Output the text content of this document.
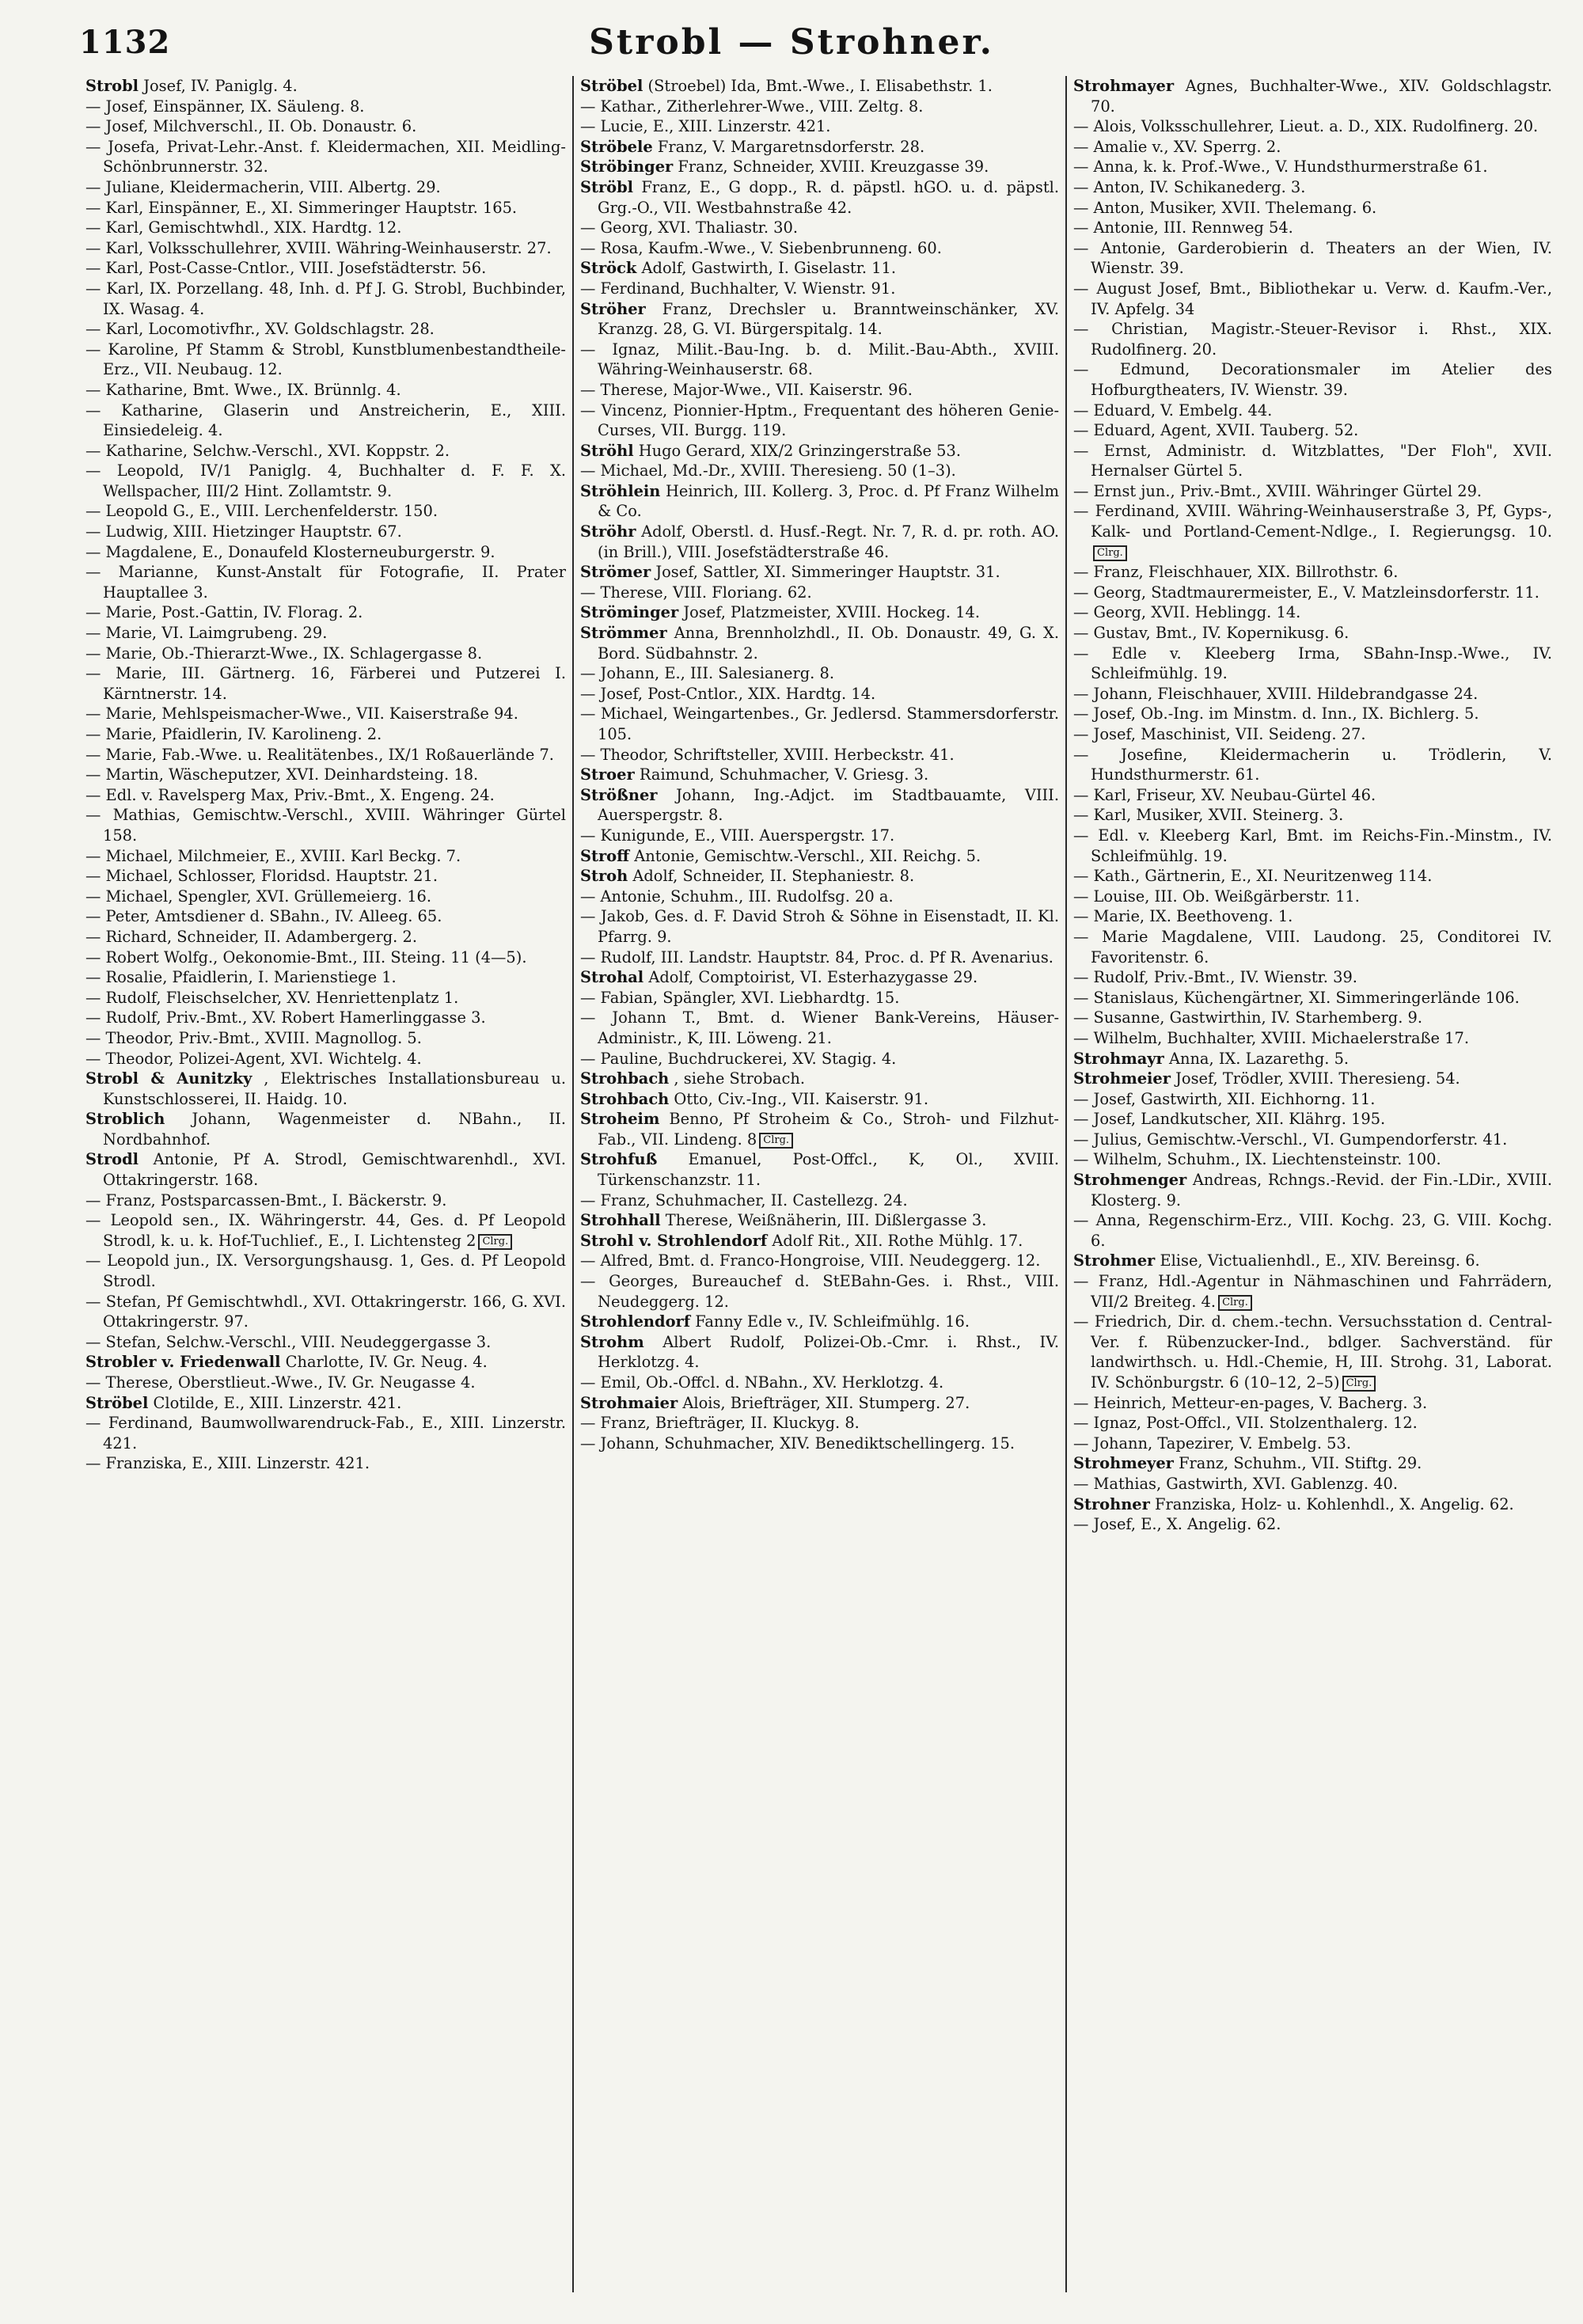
1132	Strobl — Strohner.
Strobl Josef, IV. Paniglg. 4.
— Josef, Einspänner, IX. Säuleng. 8.
— Josef, Milchverschl., II. Ob. Donaustr. 6.
— Josefa, Privat-Lehr.-Anst. f. Kleidermachen, XII. Meidling-Schönbrunnerstr. 32.
— Juliane, Kleidermacherin, VIII. Albertg. 29.
— Karl, Einspänner, E., XI. Simmeringer Hauptstr. 165.
— Karl, Gemischtwhdl., XIX. Hardtg. 12.
— Karl, Volksschullehrer, XVIII. Währing-Weinhauserstr. 27.
— Karl, Post-Casse-Cntlor., VIII. Josefstädterstr. 56.
— Karl, IX. Porzellang. 48, Inh. d. Pf J. G. Strobl, Buchbinder, IX. Wasag. 4.
— Karl, Locomotivfhr., XV. Goldschlagstr. 28.
— Karoline, Pf Stamm & Strobl, Kunstblumenbestandtheile-Erz., VII. Neubaug. 12.
— Katharine, Bmt. Wwe., IX. Brünnlg. 4.
— Katharine, Glaserin und Anstreicherin, E., XIII. Einsiedeleig. 4.
— Katharine, Selchw.-Verschl., XVI. Koppstr. 2.
— Leopold, IV/1 Paniglg. 4, Buchhalter d. F. F. X. Wellspacher, III/2 Hint. Zollamtstr. 9.
— Leopold G., E., VIII. Lerchenfelderstr. 150.
— Ludwig, XIII. Hietzinger Hauptstr. 67.
— Magdalene, E., Donaufeld Klosterneuburgerstr. 9.
— Marianne, Kunst-Anstalt für Fotografie, II. Prater Hauptallee 3.
— Marie, Post.-Gattin, IV. Florag. 2.
— Marie, VI. Laimgrubeng. 29.
— Marie, Ob.-Thierarzt-Wwe., IX. Schlagergasse 8.
— Marie, III. Gärtnerg. 16, Färberei und Putzerei I. Kärntnerstr. 14.
— Marie, Mehlspeismacher-Wwe., VII. Kaiserstraße 94.
— Marie, Pfaidlerin, IV. Karolineng. 2.
— Marie, Fab.-Wwe. u. Realitätenbes., IX/1 Roßauerlände 7.
— Martin, Wäscheputzer, XVI. Deinhardsteing. 18.
— Edl. v. Ravelsperg Max, Priv.-Bmt., X. Engeng. 24.
— Mathias, Gemischtw.-Verschl., XVIII. Währinger Gürtel 158.
— Michael, Milchmeier, E., XVIII. Karl Beckg. 7.
— Michael, Schlosser, Floridsd. Hauptstr. 21.
— Michael, Spengler, XVI. Grüllemeierg. 16.
— Peter, Amtsdiener d. SBahn., IV. Alleeg. 65.
— Richard, Schneider, II. Adambergerg. 2.
— Robert Wolfg., Oekonomie-Bmt., III. Steing. 11 (4—5).
— Rosalie, Pfaidlerin, I. Marienstiege 1.
— Rudolf, Fleischselcher, XV. Henriettenplatz 1.
— Rudolf, Priv.-Bmt., XV. Robert Hamerlinggasse 3.
— Theodor, Priv.-Bmt., XVIII. Magnollog. 5.
— Theodor, Polizei-Agent, XVI. Wichtelg. 4.
Strobl & Aunitzky , Elektrisches Installationsbureau u. Kunstschlosserei, II. Haidg. 10.
Stroblich Johann, Wagenmeister d. NBahn., II. Nordbahnhof.
Strodl Antonie, Pf A. Strodl, Gemischtwarenhdl., XVI. Ottakringerstr. 168.
— Franz, Postsparcassen-Bmt., I. Bäckerstr. 9.
— Leopold sen., IX. Währingerstr. 44, Ges. d. Pf Leopold Strodl, k. u. k. Hof-Tuchlief., E., I. Lichtensteg 2 Clrg.
— Leopold jun., IX. Versorgungshausg. 1, Ges. d. Pf Leopold Strodl.
— Stefan, Pf Gemischtwhdl., XVI. Ottakringerstr. 166, G. XVI. Ottakringerstr. 97.
— Stefan, Selchw.-Verschl., VIII. Neudeggergasse 3.
Strobler v. Friedenwall Charlotte, IV. Gr. Neug. 4.
— Therese, Oberstlieut.-Wwe., IV. Gr. Neugasse 4.
Ströbel Clotilde, E., XIII. Linzerstr. 421.
— Ferdinand, Baumwollwarendruck-Fab., E., XIII. Linzerstr. 421.
— Franziska, E., XIII. Linzerstr. 421.
Ströbel (Stroebel) Ida, Bmt.-Wwe., I. Elisabethstr. 1.
— Kathar., Zitherlehrer-Wwe., VIII. Zeltg. 8.
— Lucie, E., XIII. Linzerstr. 421.
Ströbele Franz, V. Margaretnsdorferstr. 28.
Ströbinger Franz, Schneider, XVIII. Kreuzgasse 39.
Ströbl Franz, E., G dopp., R. d. päpstl. hGO. u. d. päpstl. Grg.-O., VII. Westbahnstraße 42.
— Georg, XVI. Thaliastr. 30.
— Rosa, Kaufm.-Wwe., V. Siebenbrunneng. 60.
Ströck Adolf, Gastwirth, I. Giselastr. 11.
— Ferdinand, Buchhalter, V. Wienstr. 91.
Ströher Franz, Drechsler u. Branntweinschänker, XV. Kranzg. 28, G. VI. Bürgerspitalg. 14.
— Ignaz, Milit.-Bau-Ing. b. d. Milit.-Bau-Abth., XVIII. Währing-Weinhauserstr. 68.
— Therese, Major-Wwe., VII. Kaiserstr. 96.
— Vincenz, Pionnier-Hptm., Frequentant des höheren Genie-Curses, VII. Burgg. 119.
Ströhl Hugo Gerard, XIX/2 Grinzingerstraße 53.
— Michael, Md.-Dr., XVIII. Theresieng. 50 (1–3).
Ströhlein Heinrich, III. Kollerg. 3, Proc. d. Pf Franz Wilhelm & Co.
Ströhr Adolf, Oberstl. d. Husf.-Regt. Nr. 7, R. d. pr. roth. AO. (in Brill.), VIII. Josefstädterstraße 46.
Strömer Josef, Sattler, XI. Simmeringer Hauptstr. 31.
— Therese, VIII. Floriang. 62.
Ströminger Josef, Platzmeister, XVIII. Hockeg. 14.
Strömmer Anna, Brennholzhdl., II. Ob. Donaustr. 49, G. X. Bord. Südbahnstr. 2.
— Johann, E., III. Salesianerg. 8.
— Josef, Post-Cntlor., XIX. Hardtg. 14.
— Michael, Weingartenbes., Gr. Jedlersd. Stammersdorferstr. 105.
— Theodor, Schriftsteller, XVIII. Herbeckstr. 41.
Stroer Raimund, Schuhmacher, V. Griesg. 3.
Strößner Johann, Ing.-Adjct. im Stadtbauamte, VIII. Auerspergstr. 8.
— Kunigunde, E., VIII. Auerspergstr. 17.
Stroff Antonie, Gemischtw.-Verschl., XII. Reichg. 5.
Stroh Adolf, Schneider, II. Stephaniestr. 8.
— Antonie, Schuhm., III. Rudolfsg. 20 a.
— Jakob, Ges. d. F. David Stroh & Söhne in Eisenstadt, II. Kl. Pfarrg. 9.
— Rudolf, III. Landstr. Hauptstr. 84, Proc. d. Pf R. Avenarius.
Strohal Adolf, Comptoirist, VI. Esterhazygasse 29.
— Fabian, Spängler, XVI. Liebhardtg. 15.
— Johann T., Bmt. d. Wiener Bank-Vereins, Häuser-Administr., K, III. Löweng. 21.
— Pauline, Buchdruckerei, XV. Stagig. 4.
Strohbach , siehe Strobach.
Strohbach Otto, Civ.-Ing., VII. Kaiserstr. 91.
Stroheim Benno, Pf Stroheim & Co., Stroh- und Filzhut-Fab., VII. Lindeng. 8 Clrg.
Strohfuß Emanuel, Post-Offcl., K, Ol., XVIII. Türkenschanzstr. 11.
— Franz, Schuhmacher, II. Castellezg. 24.
Strohhall Therese, Weißnäherin, III. Dißlergasse 3.
Strohl v. Strohlendorf Adolf Rit., XII. Rothe Mühlg. 17.
— Alfred, Bmt. d. Franco-Hongroise, VIII. Neudeggerg. 12.
— Georges, Bureauchef d. StEBahn-Ges. i. Rhst., VIII. Neudeggerg. 12.
Strohlendorf Fanny Edle v., IV. Schleifmühlg. 16.
Strohm Albert Rudolf, Polizei-Ob.-Cmr. i. Rhst., IV. Herklotzg. 4.
— Emil, Ob.-Offcl. d. NBahn., XV. Herklotzg. 4.
Strohmaier Alois, Briefträger, XII. Stumperg. 27.
— Franz, Briefträger, II. Kluckyg. 8.
— Johann, Schuhmacher, XIV. Benediktschellingerg. 15.
Strohmayer Agnes, Buchhalter-Wwe., XIV. Goldschlagstr. 70.
— Alois, Volksschullehrer, Lieut. a. D., XIX. Rudolfinerg. 20.
— Amalie v., XV. Sperrg. 2.
— Anna, k. k. Prof.-Wwe., V. Hundsthurmerstraße 61.
— Anton, IV. Schikanederg. 3.
— Anton, Musiker, XVII. Thelemang. 6.
— Antonie, III. Rennweg 54.
— Antonie, Garderobierin d. Theaters an der Wien, IV. Wienstr. 39.
— August Josef, Bmt., Bibliothekar u. Verw. d. Kaufm.-Ver., IV. Apfelg. 34
— Christian, Magistr.-Steuer-Revisor i. Rhst., XIX. Rudolfinerg. 20.
— Edmund, Decorationsmaler im Atelier des Hofburgtheaters, IV. Wienstr. 39.
— Eduard, V. Embelg. 44.
— Eduard, Agent, XVII. Tauberg. 52.
— Ernst, Administr. d. Witzblattes, "Der Floh", XVII. Hernalser Gürtel 5.
— Ernst jun., Priv.-Bmt., XVIII. Währinger Gürtel 29.
— Ferdinand, XVIII. Währing-Weinhauserstraße 3, Pf, Gyps-, Kalk- und Portland-Cement-Ndlge., I. Regierungsg. 10.Clrg.
— Franz, Fleischhauer, XIX. Billrothstr. 6.
— Georg, Stadtmaurermeister, E., V. Matzleinsdorferstr. 11.
— Georg, XVII. Heblingg. 14.
— Gustav, Bmt., IV. Kopernikusg. 6.
— Edle v. Kleeberg Irma, SBahn-Insp.-Wwe., IV. Schleifmühlg. 19.
— Johann, Fleischhauer, XVIII. Hildebrandgasse 24.
— Josef, Ob.-Ing. im Minstm. d. Inn., IX. Bichlerg. 5.
— Josef, Maschinist, VII. Seideng. 27.
— Josefine, Kleidermacherin u. Trödlerin, V. Hundsthurmerstr. 61.
— Karl, Friseur, XV. Neubau-Gürtel 46.
— Karl, Musiker, XVII. Steinerg. 3.
— Edl. v. Kleeberg Karl, Bmt. im Reichs-Fin.-Minstm., IV. Schleifmühlg. 19.
— Kath., Gärtnerin, E., XI. Neuritzenweg 114.
— Louise, III. Ob. Weißgärberstr. 11.
— Marie, IX. Beethoveng. 1.
— Marie Magdalene, VIII. Laudong. 25, Conditorei IV. Favoritenstr. 6.
— Rudolf, Priv.-Bmt., IV. Wienstr. 39.
— Stanislaus, Küchengärtner, XI. Simmeringerlände 106.
— Susanne, Gastwirthin, IV. Starhemberg. 9.
— Wilhelm, Buchhalter, XVIII. Michaelerstraße 17.
Strohmayr Anna, IX. Lazarethg. 5.
Strohmeier Josef, Trödler, XVIII. Theresieng. 54.
— Josef, Gastwirth, XII. Eichhorng. 11.
— Josef, Landkutscher, XII. Klährg. 195.
— Julius, Gemischtw.-Verschl., VI. Gumpendorferstr. 41.
— Wilhelm, Schuhm., IX. Liechtensteinstr. 100.
Strohmenger Andreas, Rchngs.-Revid. der Fin.-LDir., XVIII. Klosterg. 9.
— Anna, Regenschirm-Erz., VIII. Kochg. 23, G. VIII. Kochg. 6.
Strohmer Elise, Victualienhdl., E., XIV. Bereinsg. 6.
— Franz, Hdl.-Agentur in Nähmaschinen und Fahrrädern, VII/2 Breiteg. 4. Clrg.
— Friedrich, Dir. d. chem.-techn. Versuchsstation d. Central-Ver. f. Rübenzucker-Ind., bdlger. Sachverständ. für landwirthsch. u. Hdl.-Chemie, H, III. Strohg. 31, Laborat. IV. Schönburgstr. 6 (10–12, 2–5) Clrg.
— Heinrich, Metteur-en-pages, V. Bacherg. 3.
— Ignaz, Post-Offcl., VII. Stolzenthalerg. 12.
— Johann, Tapezirer, V. Embelg. 53.
Strohmeyer Franz, Schuhm., VII. Stiftg. 29.
— Mathias, Gastwirth, XVI. Gablenzg. 40.
Strohner Franziska, Holz- u. Kohlenhdl., X. Angelig. 62.
— Josef, E., X. Angelig. 62.
